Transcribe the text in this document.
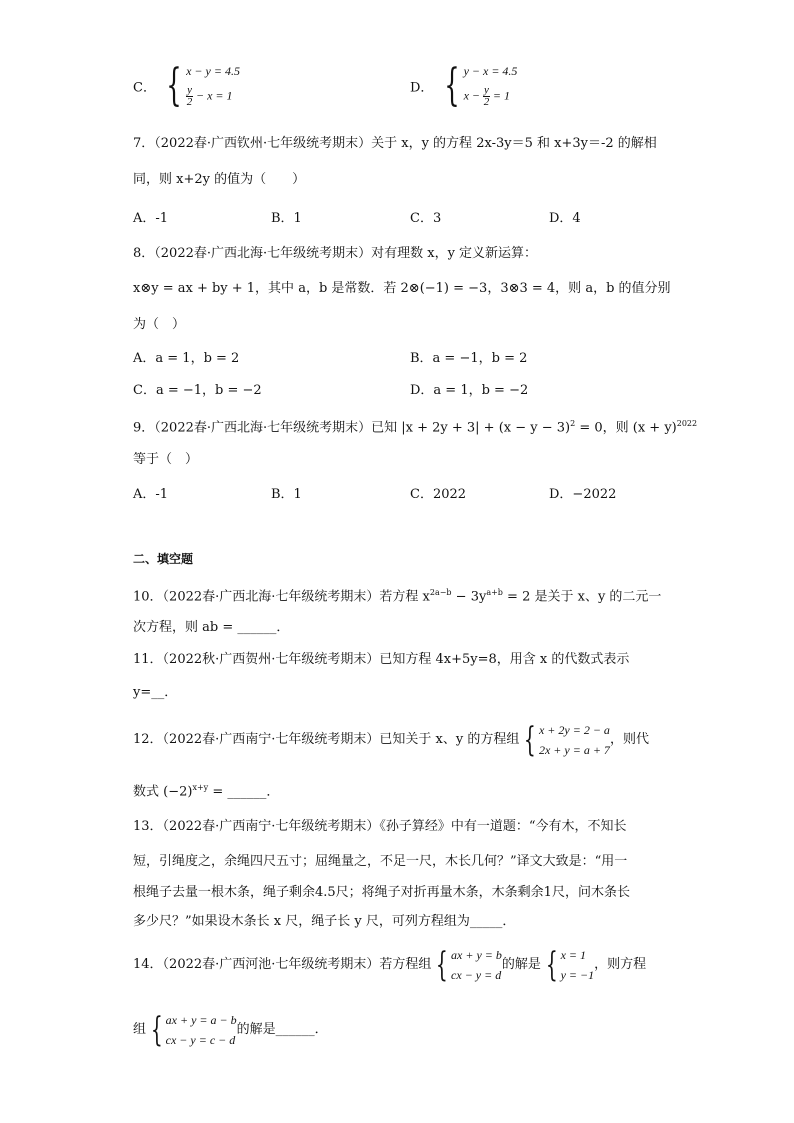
C． { x − y = 4.5
$\frac{y}{2} - x = 1$	D． { y − x = 4.5
$x - \frac{y}{2} = 1$
7．（2022春·广西钦州·七年级统考期末）关于 x，y 的方程 2x-3y＝5 和 x+3y＝-2 的解相
同，则 x+2y 的值为（　　）
A．-1	B．1	C．3	D．4
8．（2022春·广西北海·七年级统考期末）对有理数 x，y 定义新运算：
x⊗y = ax + by + 1，其中 a，b 是常数．若 2⊗(−1) = −3，3⊗3 = 4，则 a，b 的值分别
为（　）
A．a = 1，b = 2	B．a = −1，b = 2
C．a = −1，b = −2	D．a = 1，b = −2
9．（2022春·广西北海·七年级统考期末）已知 $|x + 2y + 3| + (x - y - 3)^2 = 0$，则 $(x + y)^{2022}$
等于（　）
A．-1	B．1	C．2022	D．−2022
二、填空题
10．（2022春·广西北海·七年级统考期末）若方程 $x^{2a-b} - 3y^{a+b} = 2$ 是关于 x、y 的二元一
次方程，则 ab = ______．
11．（2022秋·广西贺州·七年级统考期末）已知方程 4x+5y=8，用含 x 的代数式表示
y=__．
12．（2022春·广西南宁·七年级统考期末）已知关于 x、y 的方程组 { x + 2y = 2 − a
2x + y = a + 7
，则代
数式 $(-2)^{x+y}$ = ______．
13．（2022春·广西南宁·七年级统考期末）《孙子算经》中有一道题：“今有木，不知长
短，引绳度之，余绳四尺五寸；屈绳量之，不足一尺，木长几何？”译文大致是：“用一
根绳子去量一根木条，绳子剩余4.5尺；将绳子对折再量木条，木条剩余1尺，问木条长
多少尺？”如果设木条长 x 尺，绳子长 y 尺，可列方程组为_____．
14．（2022春·广西河池·七年级统考期末）若方程组 { ax + y = b
cx − y = d
的解是 { x = 1
y = −1
，则方程
组 { ax + y = a − b
cx − y = c − d
的解是______．
